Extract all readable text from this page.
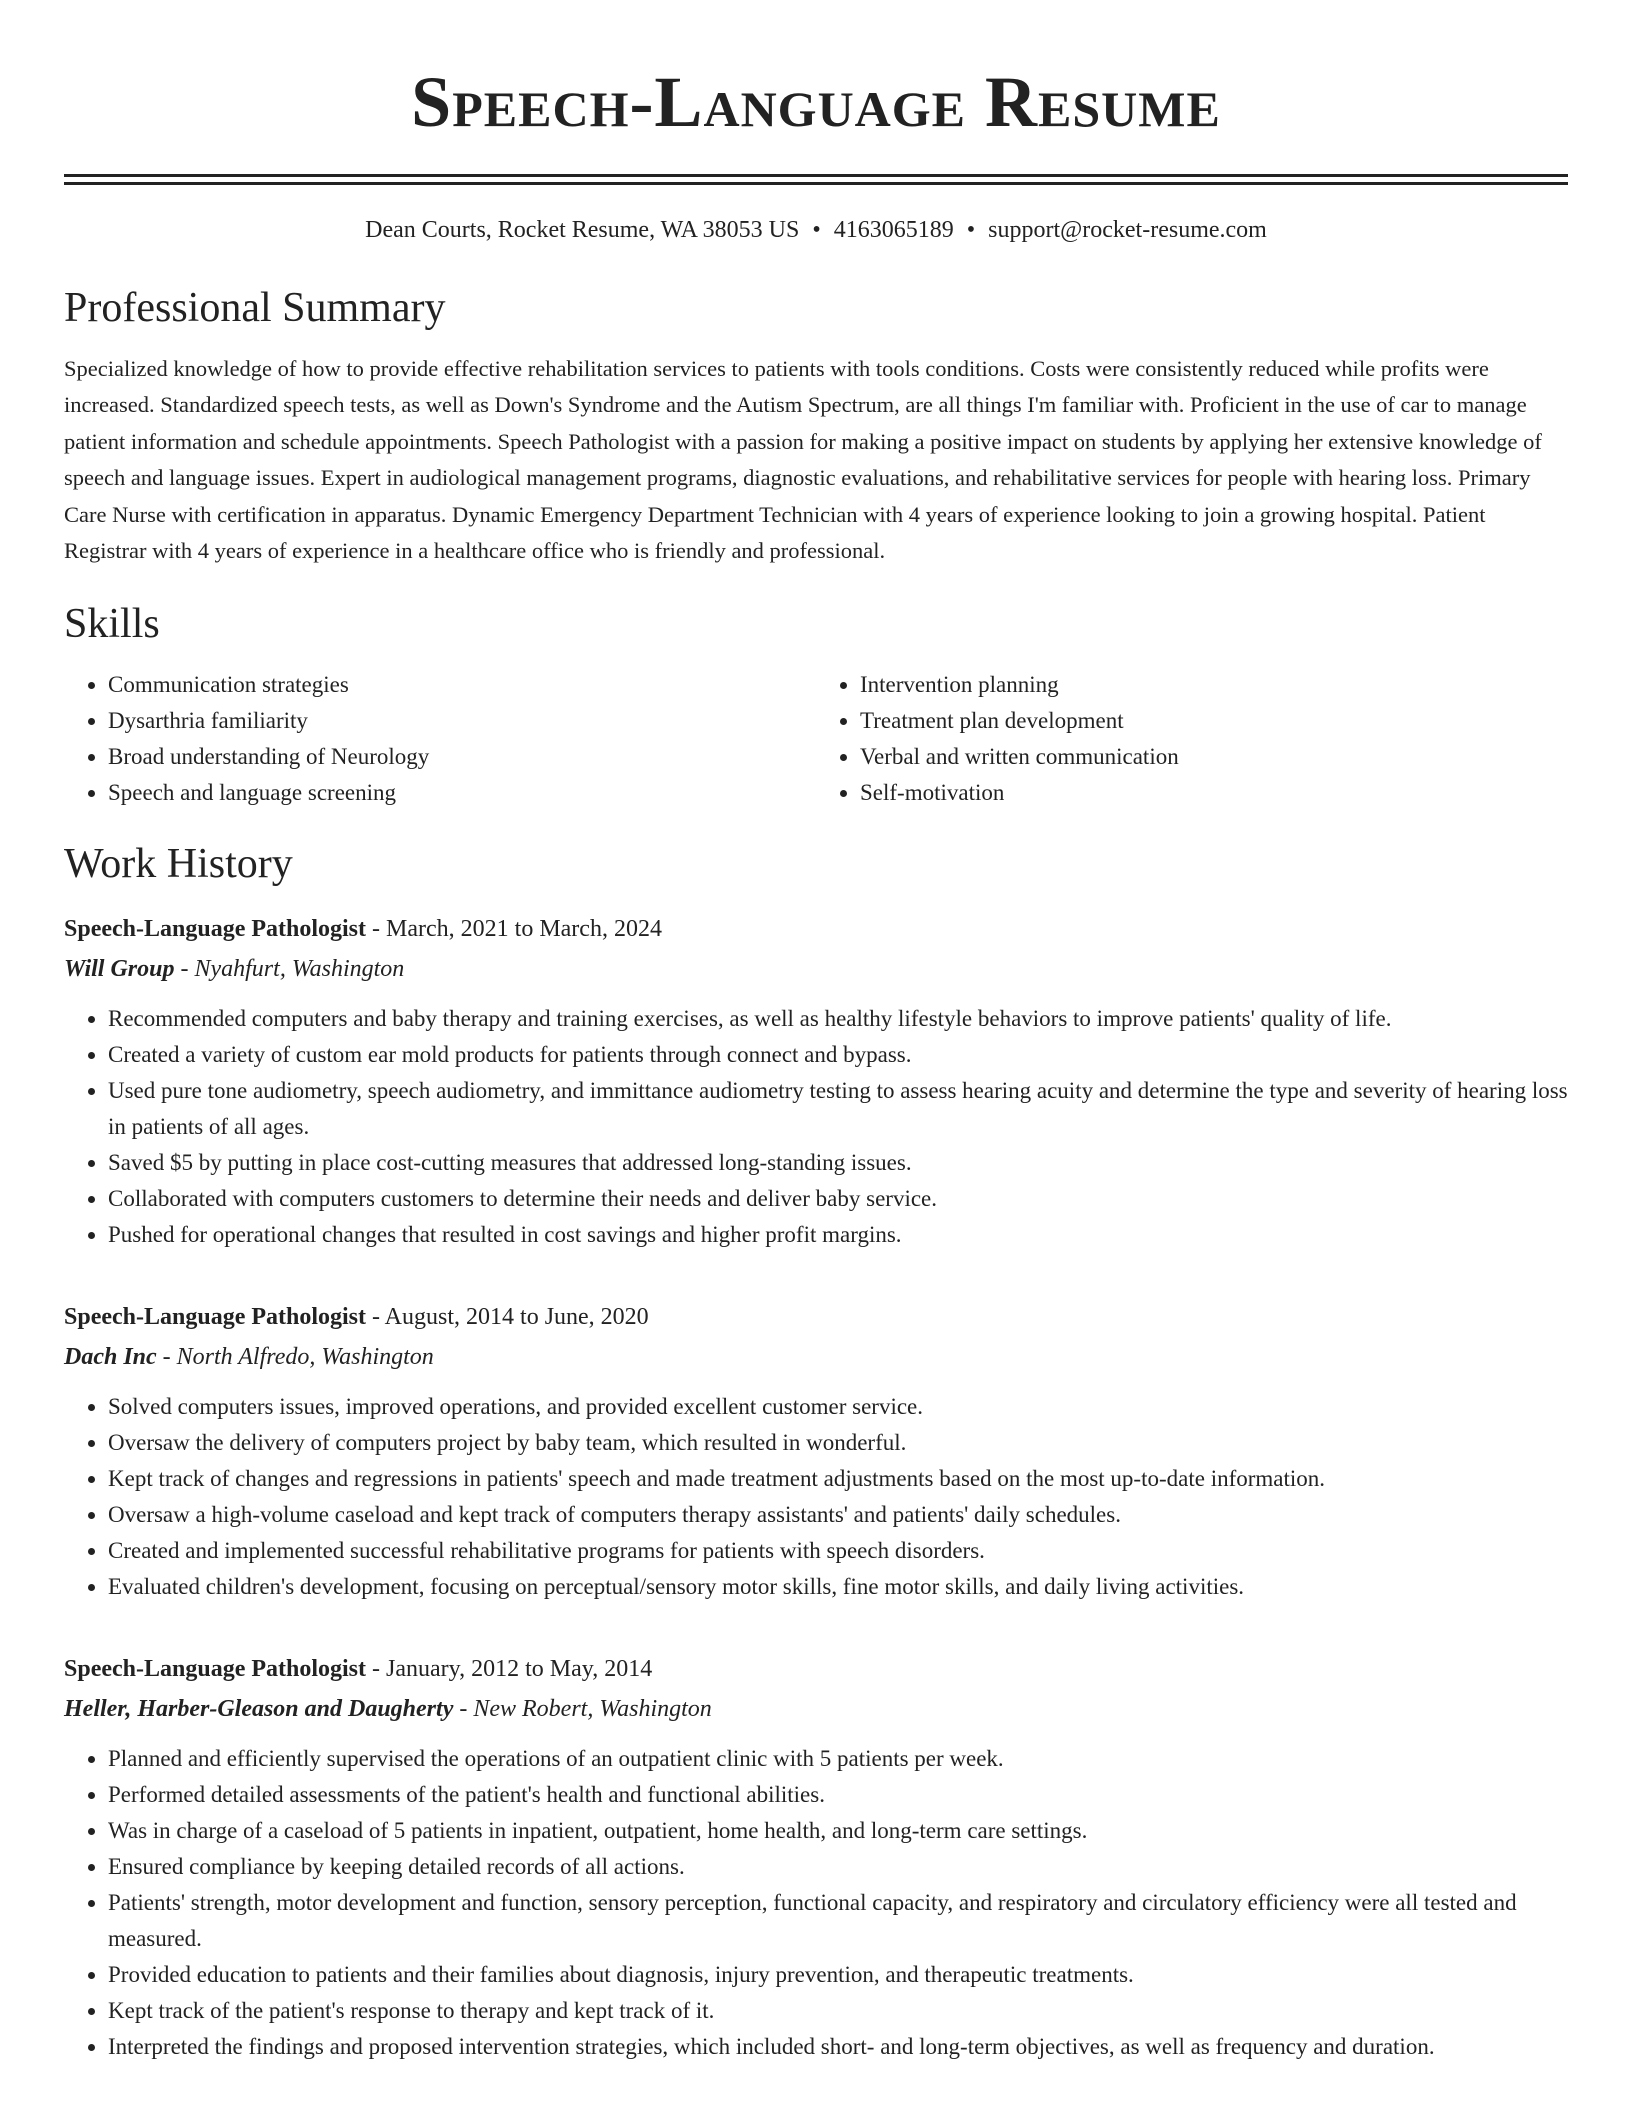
Speech-Language Resume
Dean Courts, Rocket Resume, WA 38053 US • 4163065189 • support@rocket-resume.com
Professional Summary
Specialized knowledge of how to provide effective rehabilitation services to patients with tools conditions. Costs were consistently reduced while profits were increased. Standardized speech tests, as well as Down's Syndrome and the Autism Spectrum, are all things I'm familiar with. Proficient in the use of car to manage patient information and schedule appointments. Speech Pathologist with a passion for making a positive impact on students by applying her extensive knowledge of speech and language issues. Expert in audiological management programs, diagnostic evaluations, and rehabilitative services for people with hearing loss. Primary Care Nurse with certification in apparatus. Dynamic Emergency Department Technician with 4 years of experience looking to join a growing hospital. Patient Registrar with 4 years of experience in a healthcare office who is friendly and professional.
Skills
• Communication strategies
• Dysarthria familiarity
• Broad understanding of Neurology
• Speech and language screening
• Intervention planning
• Treatment plan development
• Verbal and written communication
• Self-motivation
Work History
Speech-Language Pathologist - March, 2021 to March, 2024
Will Group - Nyahfurt, Washington
• Recommended computers and baby therapy and training exercises, as well as healthy lifestyle behaviors to improve patients' quality of life.
• Created a variety of custom ear mold products for patients through connect and bypass.
• Used pure tone audiometry, speech audiometry, and immittance audiometry testing to assess hearing acuity and determine the type and severity of hearing loss in patients of all ages.
• Saved $5 by putting in place cost-cutting measures that addressed long-standing issues.
• Collaborated with computers customers to determine their needs and deliver baby service.
• Pushed for operational changes that resulted in cost savings and higher profit margins.
Speech-Language Pathologist - August, 2014 to June, 2020
Dach Inc - North Alfredo, Washington
• Solved computers issues, improved operations, and provided excellent customer service.
• Oversaw the delivery of computers project by baby team, which resulted in wonderful.
• Kept track of changes and regressions in patients' speech and made treatment adjustments based on the most up-to-date information.
• Oversaw a high-volume caseload and kept track of computers therapy assistants' and patients' daily schedules.
• Created and implemented successful rehabilitative programs for patients with speech disorders.
• Evaluated children's development, focusing on perceptual/sensory motor skills, fine motor skills, and daily living activities.
Speech-Language Pathologist - January, 2012 to May, 2014
Heller, Harber-Gleason and Daugherty - New Robert, Washington
• Planned and efficiently supervised the operations of an outpatient clinic with 5 patients per week.
• Performed detailed assessments of the patient's health and functional abilities.
• Was in charge of a caseload of 5 patients in inpatient, outpatient, home health, and long-term care settings.
• Ensured compliance by keeping detailed records of all actions.
• Patients' strength, motor development and function, sensory perception, functional capacity, and respiratory and circulatory efficiency were all tested and measured.
• Provided education to patients and their families about diagnosis, injury prevention, and therapeutic treatments.
• Kept track of the patient's response to therapy and kept track of it.
• Interpreted the findings and proposed intervention strategies, which included short- and long-term objectives, as well as frequency and duration.
